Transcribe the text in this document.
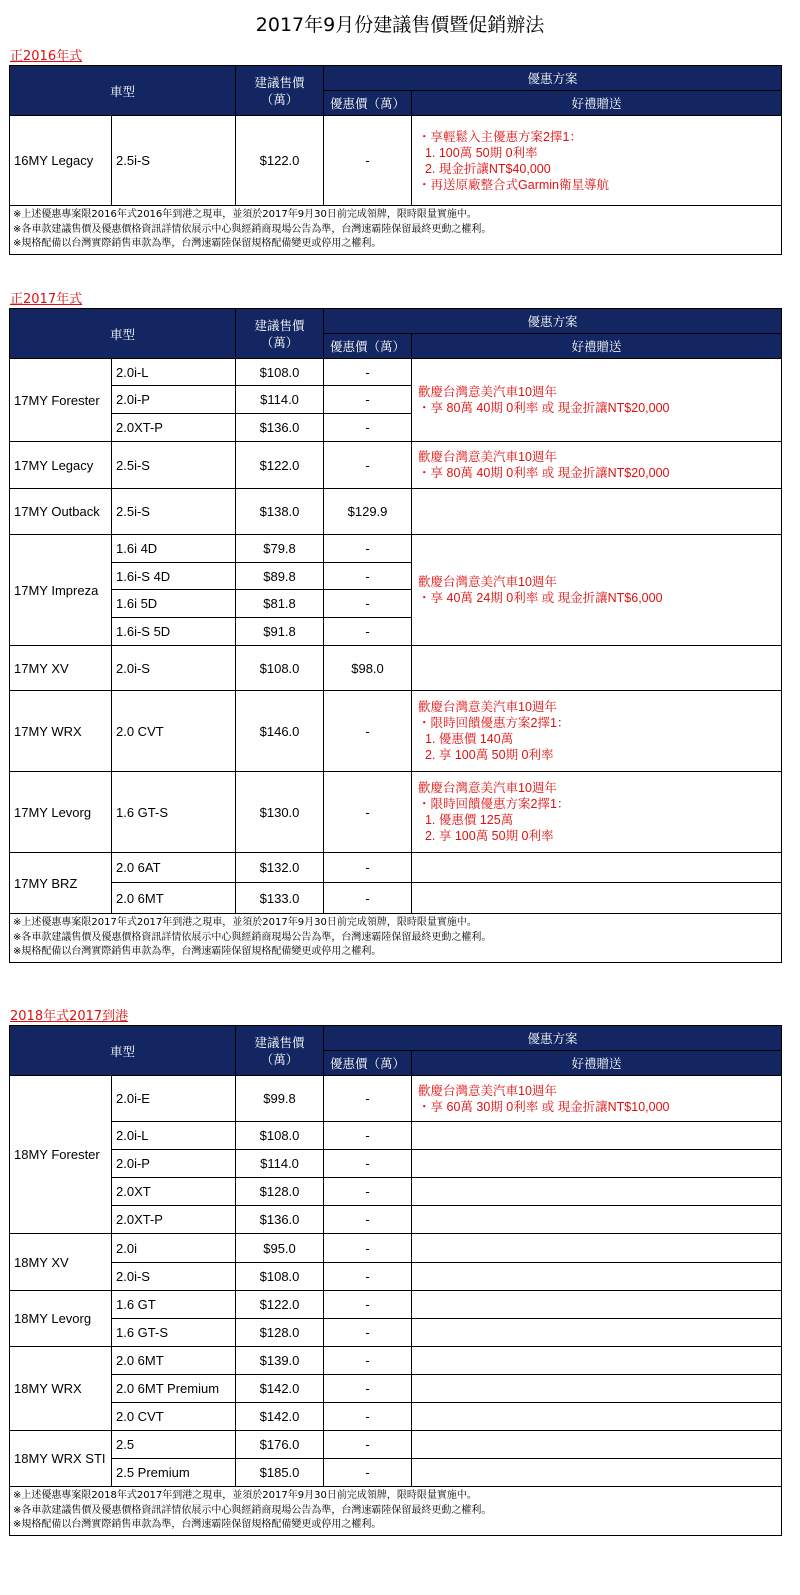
2017年9月份建議售價暨促銷辦法
正2016年式
正2017年式
2018年式2017到港
車型		建議售價（萬）	優惠方案	
			優惠價（萬）	好禮贈送
16MY Legacy	2.5i-S	$122.0	-	・享輕鬆入主優惠方案2擇1：
1. 100萬 50期 0利率
2. 現金折讓NT$40,000
・再送原廠整合式Garmin衛星導航

※上述優惠專案限2016年式2016年到港之現車，並須於2017年9月30日前完成領牌，限時限量實施中。
※各車款建議售價及優惠價格資訊詳情依展示中心與經銷商現場公告為準，台灣速霸陸保留最終更動之權利。
※規格配備以台灣實際銷售車款為準，台灣速霸陸保留規格配備變更或停用之權利。				
車型		建議售價（萬）	優惠方案	
			優惠價（萬）	好禮贈送
17MY Forester	2.0i-L	$108.0	-	歡慶台灣意美汽車10週年
・享 80萬 40期 0利率 或 現金折讓NT$20,000

	2.0i-P	$114.0	-	
	2.0XT-P	$136.0	-	
17MY Legacy	2.5i-S	$122.0	-	歡慶台灣意美汽車10週年
・享 80萬 40期 0利率 或 現金折讓NT$20,000

17MY Outback	2.5i-S	$138.0	$129.9	
17MY Impreza	1.6i 4D	$79.8	-	歡慶台灣意美汽車10週年
・享 40萬 24期 0利率 或 現金折讓NT$6,000

	1.6i-S 4D	$89.8	-	
	1.6i 5D	$81.8	-	
	1.6i-S 5D	$91.8	-	
17MY XV	2.0i-S	$108.0	$98.0	
17MY WRX	2.0 CVT	$146.0	-	歡慶台灣意美汽車10週年
・限時回饋優惠方案2擇1：
1. 優惠價 140萬
2. 享 100萬 50期 0利率

17MY Levorg	1.6 GT-S	$130.0	-	歡慶台灣意美汽車10週年
・限時回饋優惠方案2擇1：
1. 優惠價 125萬
2. 享 100萬 50期 0利率

17MY BRZ	2.0 6AT	$132.0	-	
	2.0 6MT	$133.0	-	

※上述優惠專案限2017年式2017年到港之現車，並須於2017年9月30日前完成領牌，限時限量實施中。
※各車款建議售價及優惠價格資訊詳情依展示中心與經銷商現場公告為準，台灣速霸陸保留最終更動之權利。
※規格配備以台灣實際銷售車款為準，台灣速霸陸保留規格配備變更或停用之權利。				
車型		建議售價（萬）	優惠方案	
			優惠價（萬）	好禮贈送
18MY Forester	2.0i-E	$99.8	-	歡慶台灣意美汽車10週年
・享 60萬 30期 0利率 或 現金折讓NT$10,000

	2.0i-L	$108.0	-	
	2.0i-P	$114.0	-	
	2.0XT	$128.0	-	
	2.0XT-P	$136.0	-	
18MY XV	2.0i	$95.0	-	
	2.0i-S	$108.0	-	
18MY Levorg	1.6 GT	$122.0	-	
	1.6 GT-S	$128.0	-	
18MY WRX	2.0 6MT	$139.0	-	
	2.0 6MT Premium	$142.0	-	
	2.0 CVT	$142.0	-	
18MY WRX STI	2.5	$176.0	-	
	2.5 Premium	$185.0	-	

※上述優惠專案限2018年式2017年到港之現車，並須於2017年9月30日前完成領牌，限時限量實施中。
※各車款建議售價及優惠價格資訊詳情依展示中心與經銷商現場公告為準，台灣速霸陸保留最終更動之權利。
※規格配備以台灣實際銷售車款為準，台灣速霸陸保留規格配備變更或停用之權利。				
